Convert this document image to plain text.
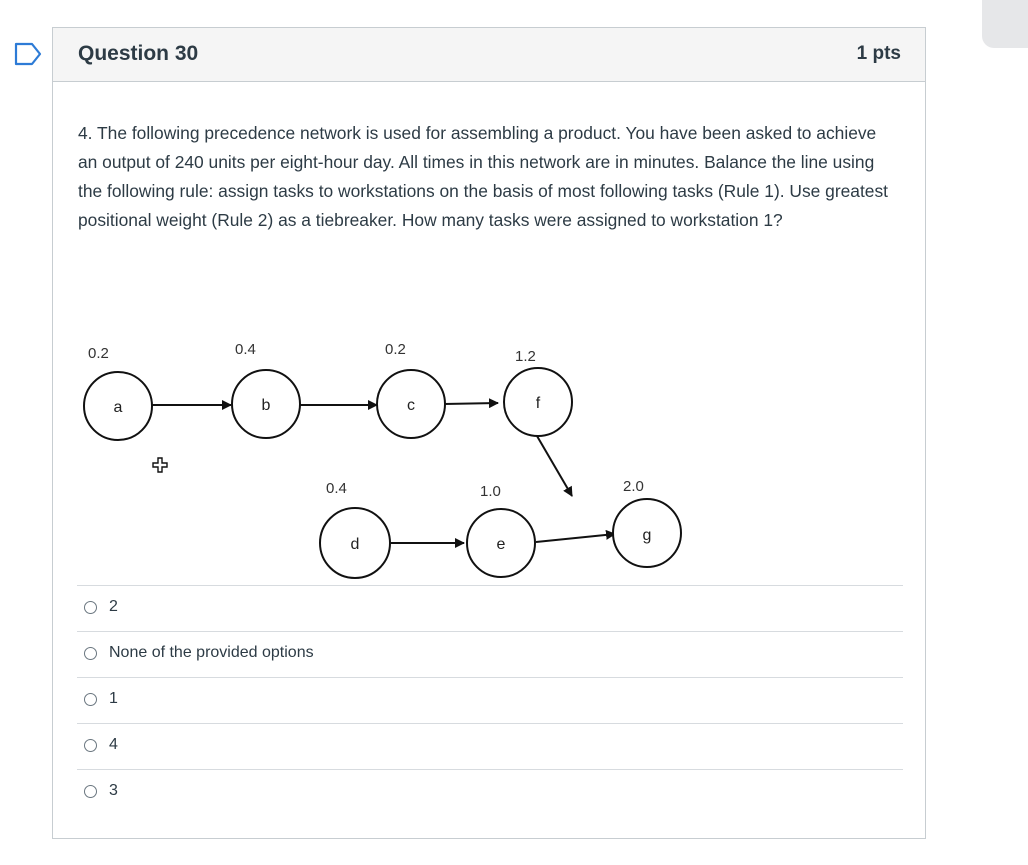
Question 30	1 pts
4. The following precedence network is used for assembling a product. You have been asked to achieve an output of 240 units per eight-hour day. All times in this network are in minutes. Balance the line using the following rule: assign tasks to workstations on the basis of most following tasks (Rule 1). Use greatest positional weight (Rule 2) as a tiebreaker. How many tasks were assigned to workstation 1?
a
0.2
b
0.4
c
0.2
f
1.2
d
0.4
e
1.0
g
2.0
2
None of the provided options
1
4
3
